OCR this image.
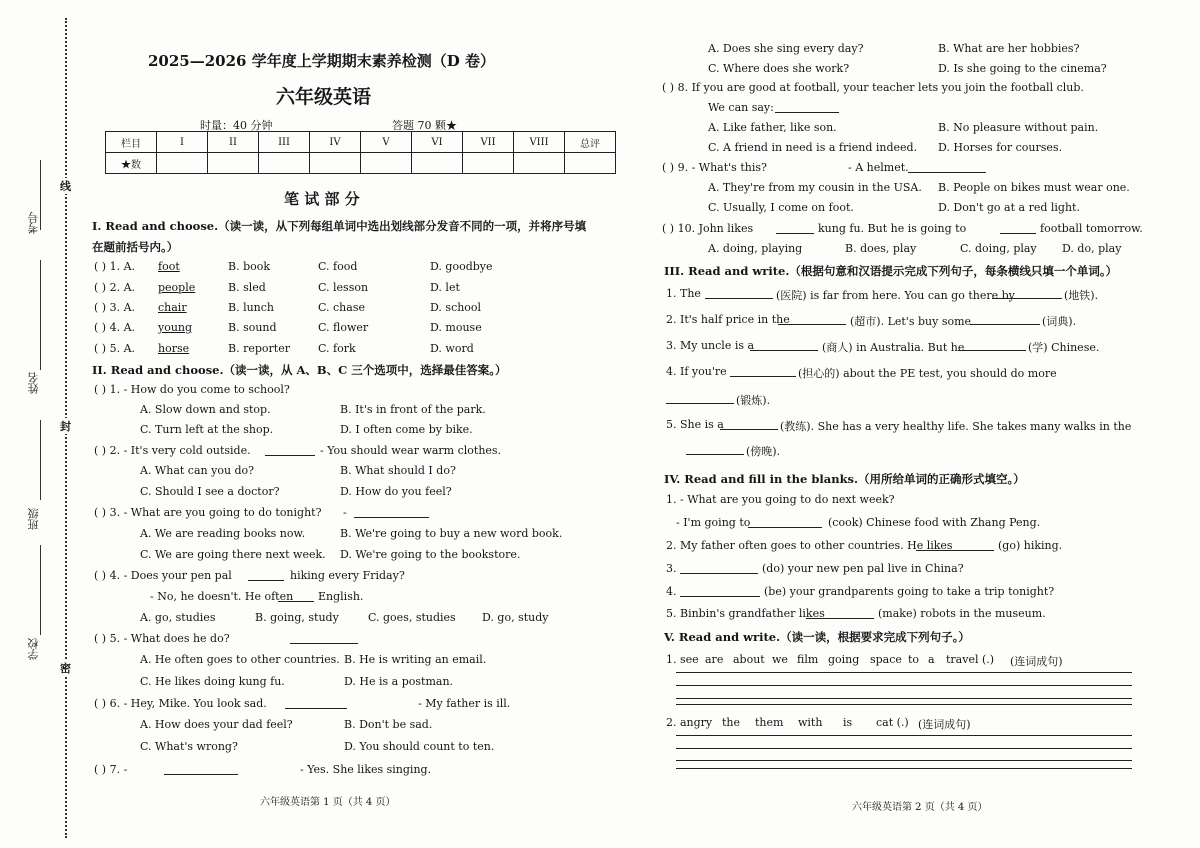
考号
姓名
班级
学校
线
封
密
2025—2026 学年度上学期期末素养检测（D 卷）
六年级英语
时量：40 分钟	答题 70 颗★
栏目	I	II	III	IV	V	VI	VII	VIII	总评
★数									
笔 试 部 分
I. Read and choose.（读一读，从下列每组单词中选出划线部分发音不同的一项，并将序号填
在题前括号内。）
( ) 1. A. foot	B. book	C. food	D. goodbye
( ) 2. A. people	B. sled	C. lesson	D. let
( ) 3. A. chair	B. lunch	C. chase	D. school
( ) 4. A. young	B. sound	C. flower	D. mouse
( ) 5. A. horse	B. reporter	C. fork	D. word
II. Read and choose.（读一读，从 A、B、C 三个选项中，选择最佳答案。）
( ) 1. - How do you come to school?
A. Slow down and stop.	B. It's in front of the park.
C. Turn left at the shop.	D. I often come by bike.
( ) 2. - It's very cold outside.	- You should wear warm clothes.
A. What can you do?	B. What should I do?
C. Should I see a doctor?	D. How do you feel?
( ) 3. - What are you going to do tonight? -
A. We are reading books now.	B. We're going to buy a new word book.
C. We are going there next week. D. We're going to the bookstore.
( ) 4. - Does your pen pal	hiking every Friday?
- No, he doesn't. He often English.
A. go, studies	B. going, study	C. goes, studies D. go, study
( ) 5. - What does he do?
A. He often goes to other countries. B. He is writing an email.
C. He likes doing kung fu.	D. He is a postman.
( ) 6. - Hey, Mike. You look sad.	- My father is ill.
A. How does your dad feel?	B. Don't be sad.
C. What's wrong?	D. You should count to ten.
( ) 7. -	- Yes. She likes singing.
六年级英语第 1 页（共 4 页）
A. Does she sing every day?	B. What are her hobbies?
C. Where does she work?	D. Is she going to the cinema?
( ) 8. If you are good at football, your teacher lets you join the football club.
We can say:
A. Like father, like son.	B. No pleasure without pain.
C. A friend in need is a friend indeed. D. Horses for courses.
( ) 9. - What's this?	- A helmet.
A. They're from my cousin in the USA. B. People on bikes must wear one.
C. Usually, I come on foot.	D. Don't go at a red light.
( ) 10. John likes	kung fu. But he is going to	football tomorrow.
A. doing, playing	B. does, play	C. doing, play D. do, play
III. Read and write.（根据句意和汉语提示完成下列句子，每条横线只填一个单词。）
1. The	(医院) is far from here. You can go there by	(地铁).
2. It's half price in the	(超市). Let's buy some	(词典).
3. My uncle is a	(商人) in Australia. But he	(学) Chinese.
4. If you're	(担心的) about the PE test, you should do more
(锻炼).
5. She is a	(教练). She has a very healthy life. She takes many walks in the
(傍晚).
IV. Read and fill in the blanks.（用所给单词的正确形式填空。）
1. - What are you going to do next week?
- I'm going to	(cook) Chinese food with Zhang Peng.
2. My father often goes to other countries. He likes	(go) hiking.
3.	(do) your new pen pal live in China?
4.	(be) your grandparents going to take a trip tonight?
5. Binbin's grandfather likes	(make) robots in the museum.
V. Read and write.（读一读，根据要求完成下列句子。）
1. see are about we film going space to a travel (.) (连词成句)
2. angry the them with is cat (.) (连词成句)
六年级英语第 2 页（共 4 页）
